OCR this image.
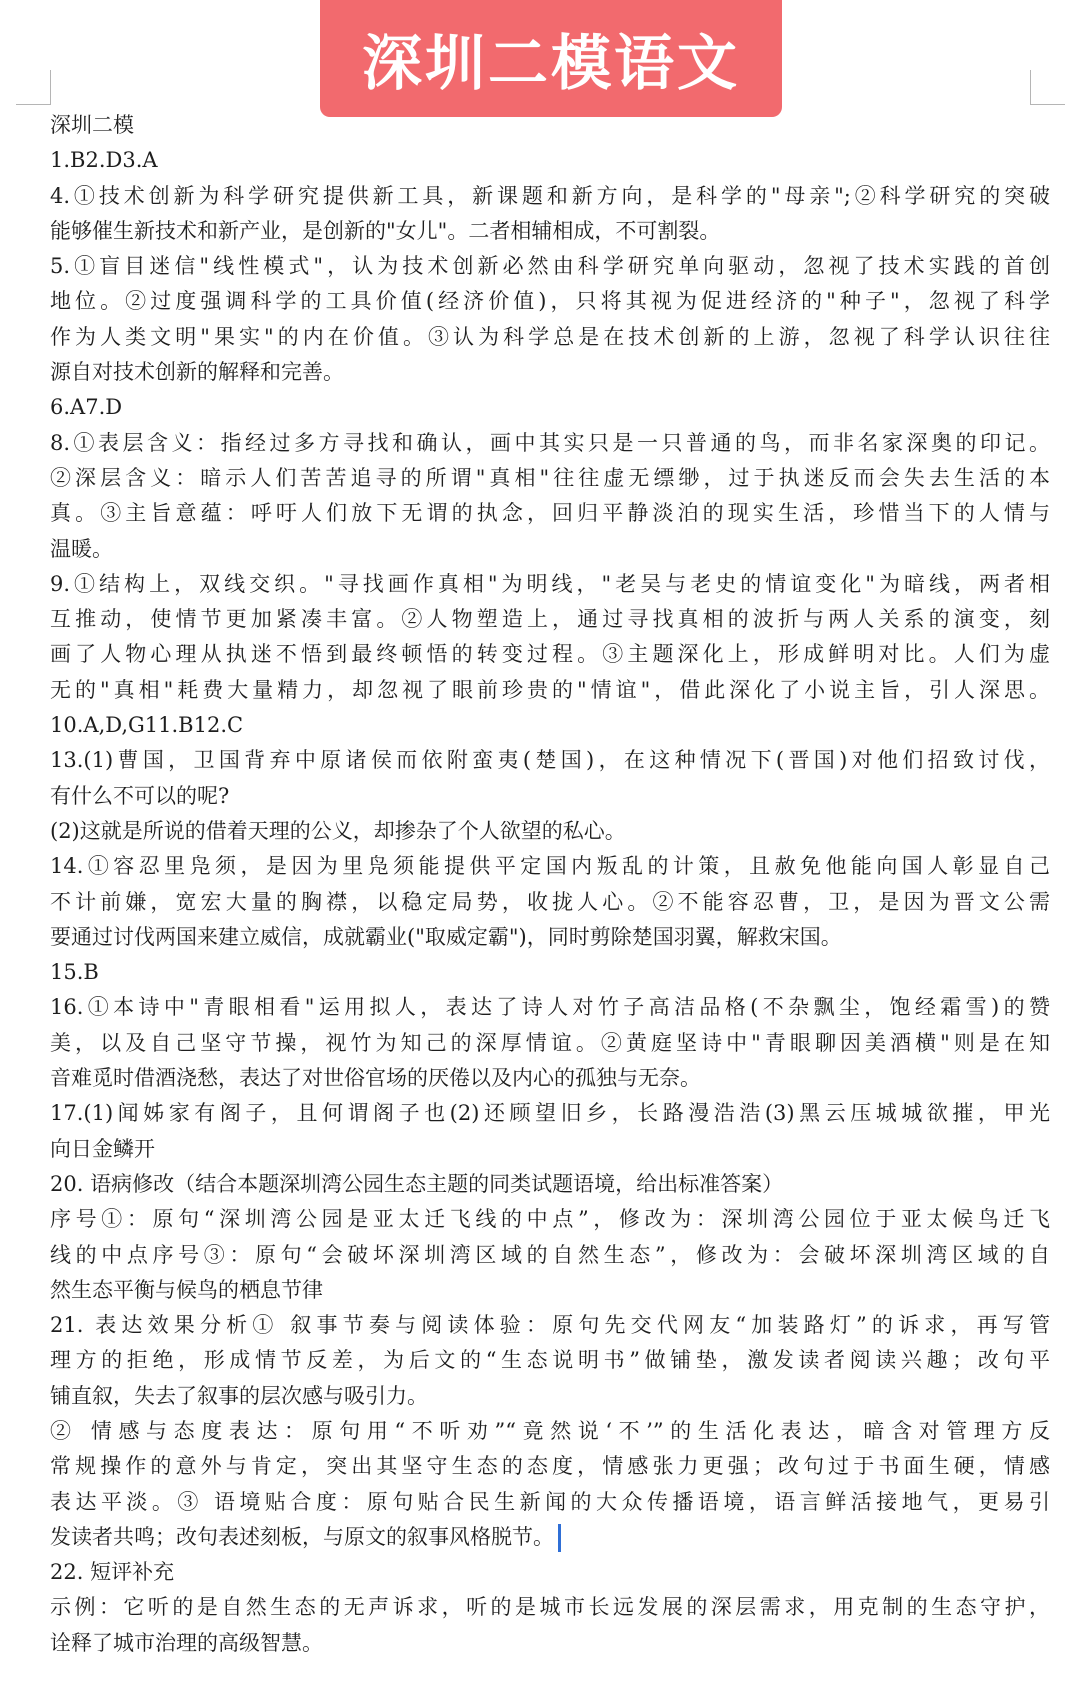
深圳二模语文
深圳二模
1.B2.D3.A
4.①技术创新为科学研究提供新工具，新课题和新方向，是科学的"母亲";②科学研究的突破
能够催生新技术和新产业，是创新的"女儿"。二者相辅相成，不可割裂。
5.①盲目迷信"线性模式"，认为技术创新必然由科学研究单向驱动，忽视了技术实践的首创
地位。②过度强调科学的工具价值(经济价值)，只将其视为促进经济的"种子"，忽视了科学
作为人类文明"果实"的内在价值。③认为科学总是在技术创新的上游，忽视了科学认识往往
源自对技术创新的解释和完善。
6.A7.D
8.①表层含义：指经过多方寻找和确认，画中其实只是一只普通的鸟，而非名家深奥的印记。
②深层含义：暗示人们苦苦追寻的所谓"真相"往往虚无缥缈，过于执迷反而会失去生活的本
真。③主旨意蕴：呼吁人们放下无谓的执念，回归平静淡泊的现实生活，珍惜当下的人情与
温暖。
9.①结构上，双线交织。"寻找画作真相"为明线，"老吴与老史的情谊变化"为暗线，两者相
互推动，使情节更加紧凑丰富。②人物塑造上，通过寻找真相的波折与两人关系的演变，刻
画了人物心理从执迷不悟到最终顿悟的转变过程。③主题深化上，形成鲜明对比。人们为虚
无的"真相"耗费大量精力，却忽视了眼前珍贵的"情谊"，借此深化了小说主旨，引人深思。
10.A,D,G11.B12.C
13.(1)曹国，卫国背弃中原诸侯而依附蛮夷(楚国)，在这种情况下(晋国)对他们招致讨伐，
有什么不可以的呢?
(2)这就是所说的借着天理的公义，却掺杂了个人欲望的私心。
14.①容忍里凫须，是因为里凫须能提供平定国内叛乱的计策，且赦免他能向国人彰显自己
不计前嫌，宽宏大量的胸襟，以稳定局势，收拢人心。②不能容忍曹，卫，是因为晋文公需
要通过讨伐两国来建立威信，成就霸业("取威定霸")，同时剪除楚国羽翼，解救宋国。
15.B
16.①本诗中"青眼相看"运用拟人，表达了诗人对竹子高洁品格(不杂飘尘，饱经霜雪)的赞
美，以及自己坚守节操，视竹为知己的深厚情谊。②黄庭坚诗中"青眼聊因美酒横"则是在知
音难觅时借酒浇愁，表达了对世俗官场的厌倦以及内心的孤独与无奈。
17.(1)闻姊家有阁子，且何谓阁子也(2)还顾望旧乡，长路漫浩浩(3)黑云压城城欲摧，甲光
向日金鳞开
20. 语病修改（结合本题深圳湾公园生态主题的同类试题语境，给出标准答案）
序号①：原句“深圳湾公园是亚太迁飞线的中点”，修改为：深圳湾公园位于亚太候鸟迁飞
线的中点序号③：原句“会破坏深圳湾区域的自然生态”，修改为：会破坏深圳湾区域的自
然生态平衡与候鸟的栖息节律
21. 表达效果分析① 叙事节奏与阅读体验：原句先交代网友“加装路灯”的诉求，再写管
理方的拒绝，形成情节反差，为后文的“生态说明书”做铺垫，激发读者阅读兴趣；改句平
铺直叙，失去了叙事的层次感与吸引力。
② 情感与态度表达：原句用“不听劝”“竟然说‘不’”的生活化表达，暗含对管理方反
常规操作的意外与肯定，突出其坚守生态的态度，情感张力更强；改句过于书面生硬，情感
表达平淡。③ 语境贴合度：原句贴合民生新闻的大众传播语境，语言鲜活接地气，更易引
发读者共鸣；改句表述刻板，与原文的叙事风格脱节。
22. 短评补充
示例：它听的是自然生态的无声诉求，听的是城市长远发展的深层需求，用克制的生态守护，
诠释了城市治理的高级智慧。
